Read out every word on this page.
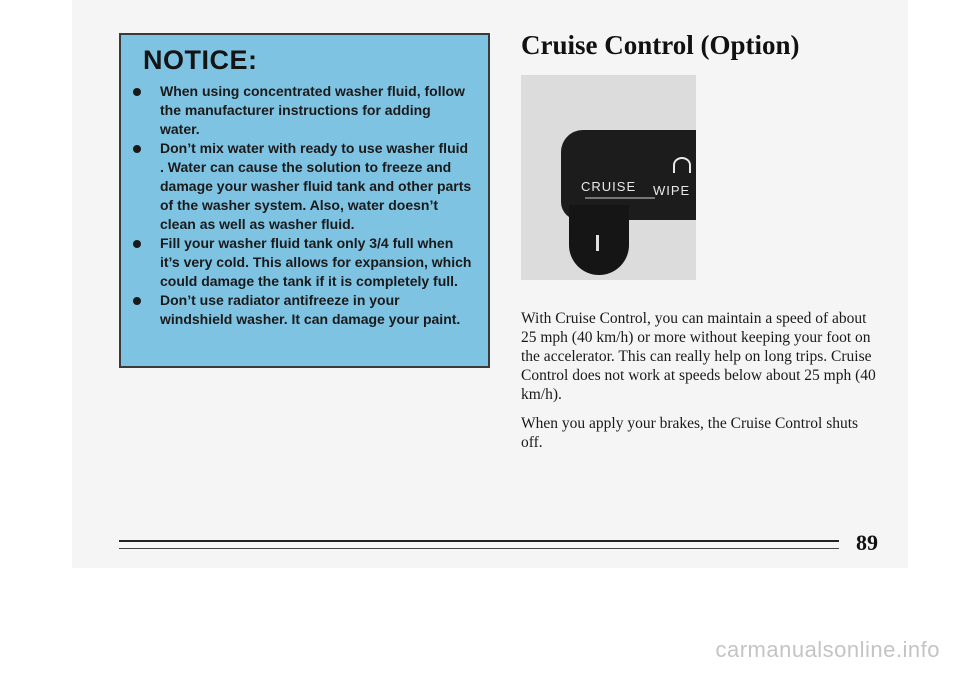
NOTICE:
When using concentrated washer fluid, follow the manufacturer instructions for adding water.
Don’t mix water with ready to use washer fluid . Water can cause the solution to freeze and damage your washer fluid tank and other parts of the washer system. Also, water doesn’t clean as well as washer fluid.
Fill your washer fluid tank only 3/4 full when it’s very cold. This allows for expansion, which could damage the tank if it is completely full.
Don’t use radiator antifreeze in your windshield washer. It can damage your paint.
Cruise Control (Option)
CRUISE WIPE

With Cruise Control, you can maintain a speed of about 25 mph (40 km/h) or more without keeping your foot on the accelerator. This can really help on long trips. Cruise Control does not work at speeds below about 25 mph (40 km/h).

When you apply your brakes, the Cruise Control shuts off.

89
carmanualsonline.info
